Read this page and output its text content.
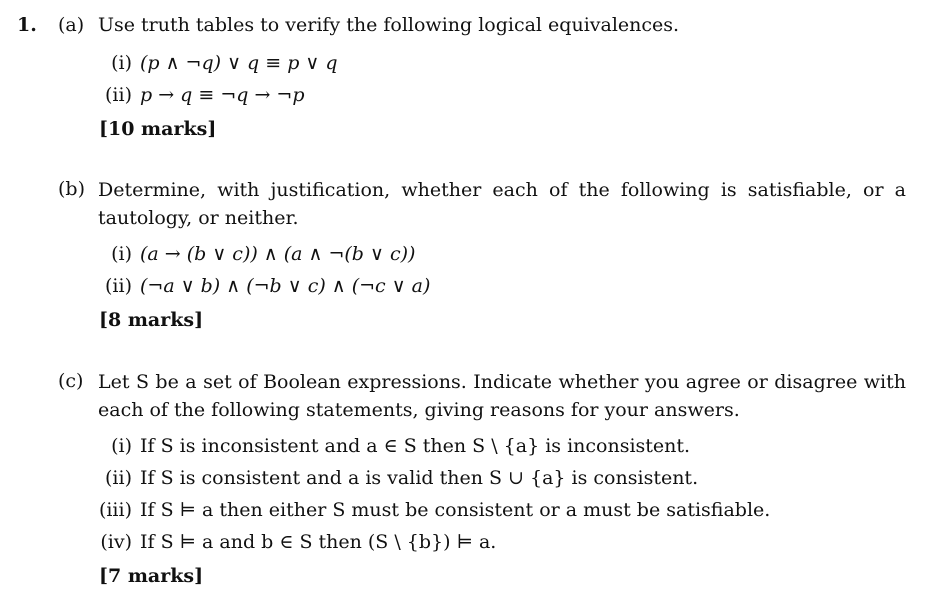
1. (a) Use truth tables to verify the following logical equivalences.
(i) (p ∧ ¬q) ∨ q ≡ p ∨ q
(ii) p → q ≡ ¬q → ¬p
[10 marks]
(b) Determine, with justification, whether each of the following is satisfiable, or a tautology, or neither.
(i) (a → (b ∨ c)) ∧ (a ∧ ¬(b ∨ c))
(ii) (¬a ∨ b) ∧ (¬b ∨ c) ∧ (¬c ∨ a)
[8 marks]
(c) Let S be a set of Boolean expressions. Indicate whether you agree or disagree with each of the following statements, giving reasons for your answers.
(i) If S is inconsistent and a ∈ S then S \ {a} is inconsistent.
(ii) If S is consistent and a is valid then S ∪ {a} is consistent.
(iii) If S ⊨ a then either S must be consistent or a must be satisfiable.
(iv) If S ⊨ a and b ∈ S then (S \ {b}) ⊨ a.
[7 marks]
